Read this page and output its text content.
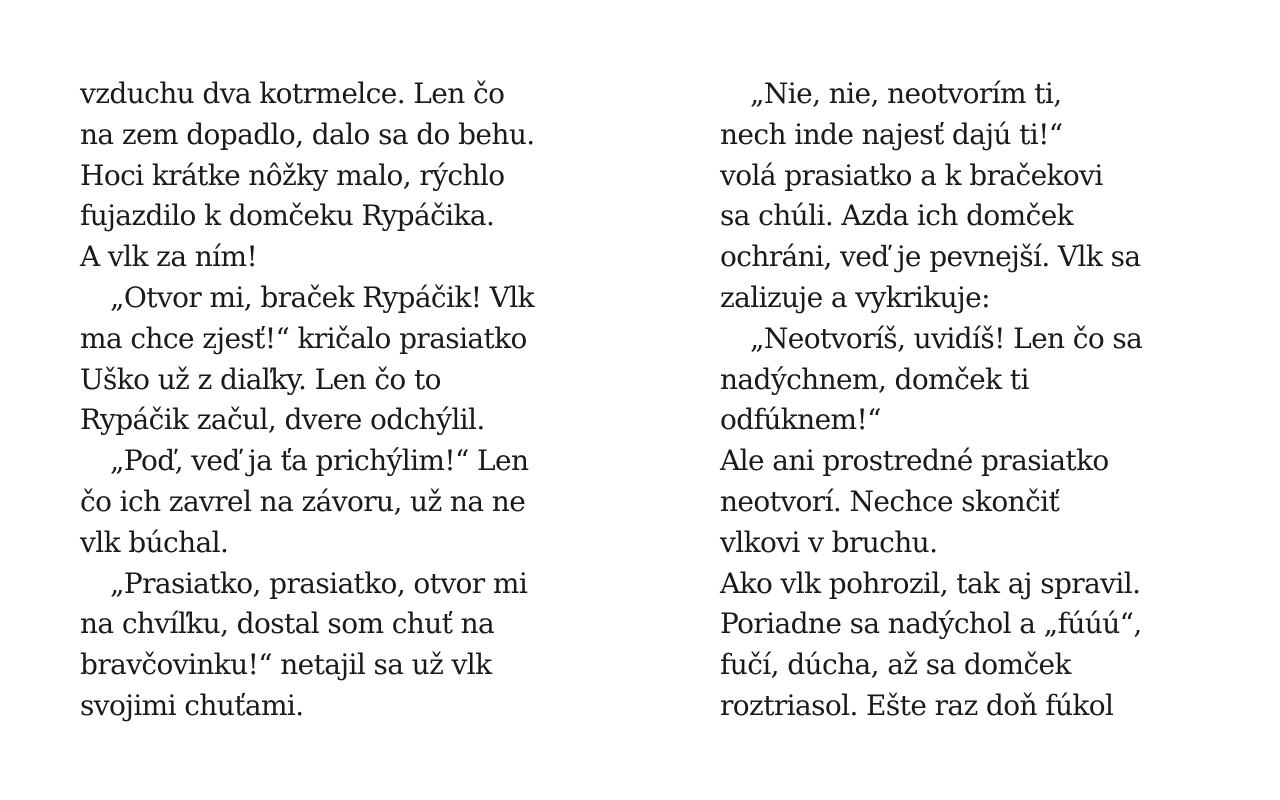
vzduchu dva kotrmelce. Len čo
na zem dopadlo, dalo sa do behu.
Hoci krátke nôžky malo, rýchlo
fujazdilo k domčeku Rypáčika.
A vlk za ním!
„Otvor mi, braček Rypáčik! Vlk
ma chce zjesť!“ kričalo prasiatko
Uško už z diaľky. Len čo to
Rypáčik začul, dvere odchýlil.
„Poď, veď ja ťa prichýlim!“ Len
čo ich zavrel na závoru, už na ne
vlk búchal.
„Prasiatko, prasiatko, otvor mi
na chvíľku, dostal som chuť na
bravčovinku!“ netajil sa už vlk
svojimi chuťami.
„Nie, nie, neotvorím ti,
nech inde najesť dajú ti!“
volá prasiatko a k bračekovi
sa chúli. Azda ich domček
ochráni, veď je pevnejší. Vlk sa
zalizuje a vykrikuje:
„Neotvoríš, uvidíš! Len čo sa
nadýchnem, domček ti
odfúknem!“
Ale ani prostredné prasiatko
neotvorí. Nechce skončiť
vlkovi v bruchu.
Ako vlk pohrozil, tak aj spravil.
Poriadne sa nadýchol a „fúúú“,
fučí, dúcha, až sa domček
roztriasol. Ešte raz doň fúkol
